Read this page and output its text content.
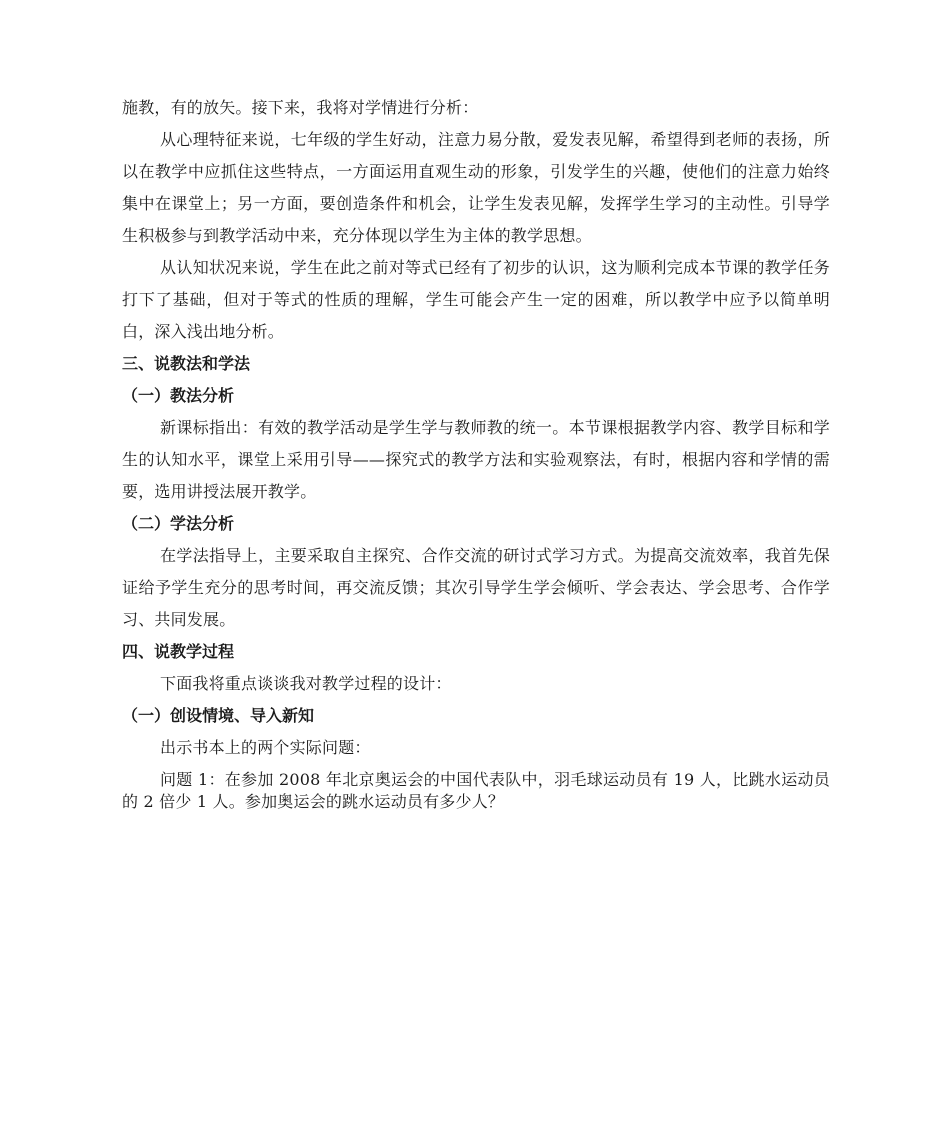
施教，有的放矢。接下来，我将对学情进行分析：

从心理特征来说，七年级的学生好动，注意力易分散，爱发表见解，希望得到老师的表扬，所以在教学中应抓住这些特点，一方面运用直观生动的形象，引发学生的兴趣，使他们的注意力始终集中在课堂上；另一方面，要创造条件和机会，让学生发表见解，发挥学生学习的主动性。引导学生积极参与到教学活动中来，充分体现以学生为主体的教学思想。

从认知状况来说，学生在此之前对等式已经有了初步的认识，这为顺利完成本节课的教学任务打下了基础，但对于等式的性质的理解，学生可能会产生一定的困难，所以教学中应予以简单明白，深入浅出地分析。

三、说教法和学法
（一）教法分析

新课标指出：有效的教学活动是学生学与教师教的统一。本节课根据教学内容、教学目标和学生的认知水平，课堂上采用引导——探究式的教学方法和实验观察法，有时，根据内容和学情的需要，选用讲授法展开教学。

（二）学法分析

在学法指导上，主要采取自主探究、合作交流的研讨式学习方式。为提高交流效率，我首先保证给予学生充分的思考时间，再交流反馈；其次引导学生学会倾听、学会表达、学会思考、合作学习、共同发展。

四、说教学过程

下面我将重点谈谈我对教学过程的设计：

（一）创设情境、导入新知

出示书本上的两个实际问题：

问题 1：在参加 2008 年北京奥运会的中国代表队中，羽毛球运动员有 19 人，比跳水运动员的 2 倍少 1 人。参加奥运会的跳水运动员有多少人？
